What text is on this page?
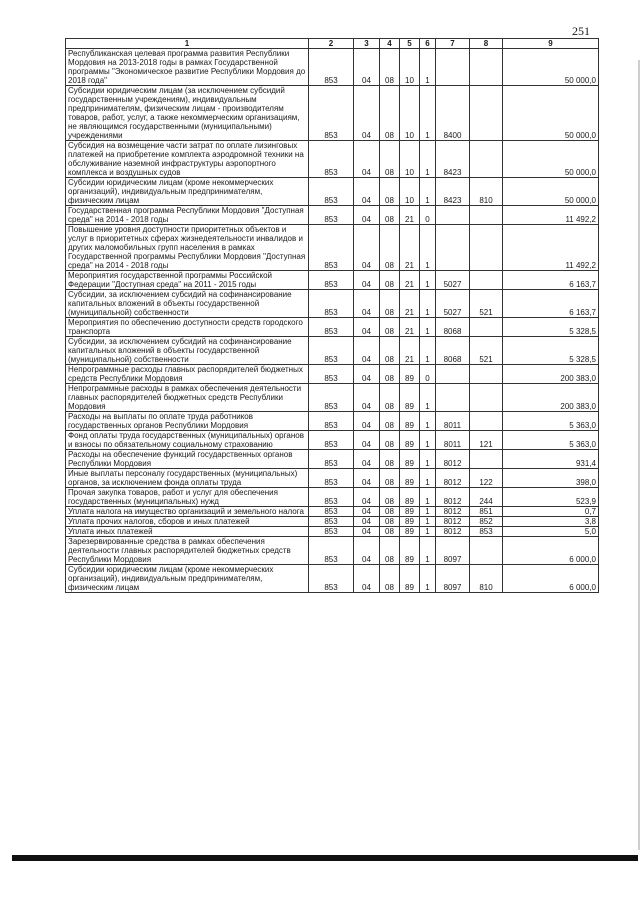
251
1	2	3	4	5	6	7	8	9
Республиканская целевая программа развития Республики Мордовия на 2013-2018 годы в рамках Государственной программы "Экономическое развитие Республики Мордовия до 2018 года"	853	04	08	10	1			50 000,0
Субсидии юридическим лицам (за исключением субсидий государственным учреждениям), индивидуальным предпринимателям, физическим лицам - производителям товаров, работ, услуг, а также некоммерческим организациям, не являющимся государственными (муниципальными) учреждениями	853	04	08	10	1	8400		50 000,0
Субсидия на возмещение части затрат по оплате лизинговых платежей на приобретение комплекта аэродромной техники на обслуживание наземной инфраструктуры аэропортного комплекса и воздушных судов	853	04	08	10	1	8423		50 000,0
Субсидии юридическим лицам (кроме некоммерческих организаций), индивидуальным предпринимателям, физическим лицам	853	04	08	10	1	8423	810	50 000,0
Государственная программа Республики Мордовия "Доступная среда" на 2014 - 2018 годы	853	04	08	21	0			11 492,2
Повышение уровня доступности приоритетных объектов и услуг в приоритетных сферах жизнедеятельности инвалидов и других маломобильных групп населения в рамках Государственной программы Республики Мордовия "Доступная среда" на 2014 - 2018 годы	853	04	08	21	1			11 492,2
Мероприятия государственной программы Российской Федерации "Доступная среда" на 2011 - 2015 годы	853	04	08	21	1	5027		6 163,7
Субсидии, за исключением субсидий на софинансирование капитальных вложений в объекты государственной (муниципальной) собственности	853	04	08	21	1	5027	521	6 163,7
Мероприятия по обеспечению доступности средств городского транспорта	853	04	08	21	1	8068		5 328,5
Субсидии, за исключением субсидий на софинансирование капитальных вложений в объекты государственной (муниципальной) собственности	853	04	08	21	1	8068	521	5 328,5
Непрограммные расходы главных распорядителей бюджетных средств Республики Мордовия	853	04	08	89	0			200 383,0
Непрограммные расходы в рамках обеспечения деятельности главных распорядителей бюджетных средств Республики Мордовия	853	04	08	89	1			200 383,0
Расходы на выплаты по оплате труда работников государственных органов Республики Мордовия	853	04	08	89	1	8011		5 363,0
Фонд оплаты труда государственных (муниципальных) органов и взносы по обязательному социальному страхованию	853	04	08	89	1	8011	121	5 363,0
Расходы на обеспечение функций государственных органов Республики Мордовия	853	04	08	89	1	8012		931,4
Иные выплаты персоналу государственных (муниципальных) органов, за исключением фонда оплаты труда	853	04	08	89	1	8012	122	398,0
Прочая закупка товаров, работ и услуг для обеспечения государственных (муниципальных) нужд	853	04	08	89	1	8012	244	523,9
Уплата налога на имущество организаций и земельного налога	853	04	08	89	1	8012	851	0,7
Уплата прочих налогов, сборов и иных платежей	853	04	08	89	1	8012	852	3,8
Уплата иных платежей	853	04	08	89	1	8012	853	5,0
Зарезервированные средства в рамках обеспечения деятельности главных распорядителей бюджетных средств Республики Мордовия	853	04	08	89	1	8097		6 000,0
Субсидии юридическим лицам (кроме некоммерческих организаций), индивидуальным предпринимателям, физическим лицам	853	04	08	89	1	8097	810	6 000,0
